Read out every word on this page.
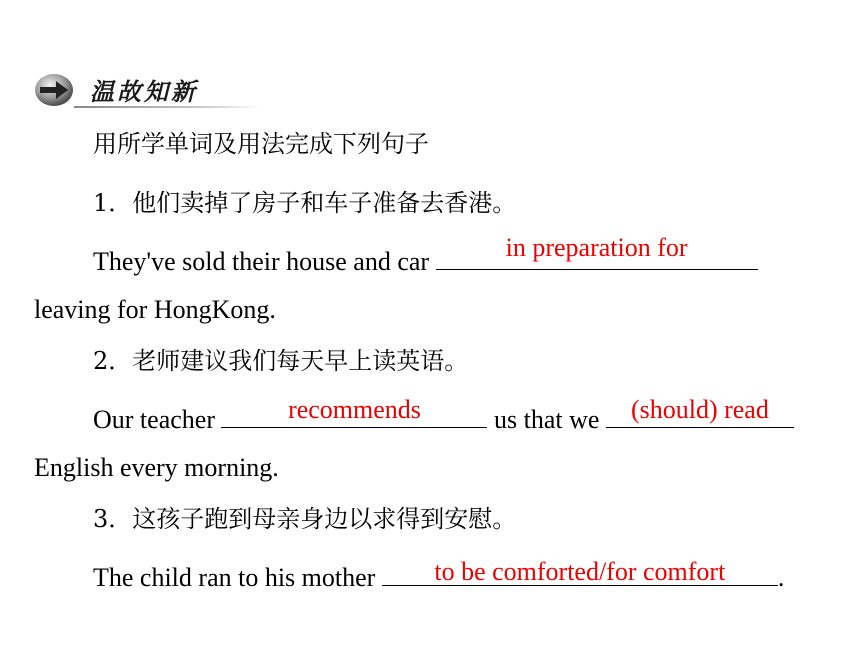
温故知新
用所学单词及用法完成下列句子
1．他们卖掉了房子和车子准备去香港。
They've sold their house and car	in preparation for
leaving for HongKong.
2．老师建议我们每天早上读英语。
Our teacher	recommends	us that we (should) read
English every morning.
3．这孩子跑到母亲身边以求得到安慰。
The child ran to his mother	to be comforted/for comfort	.
